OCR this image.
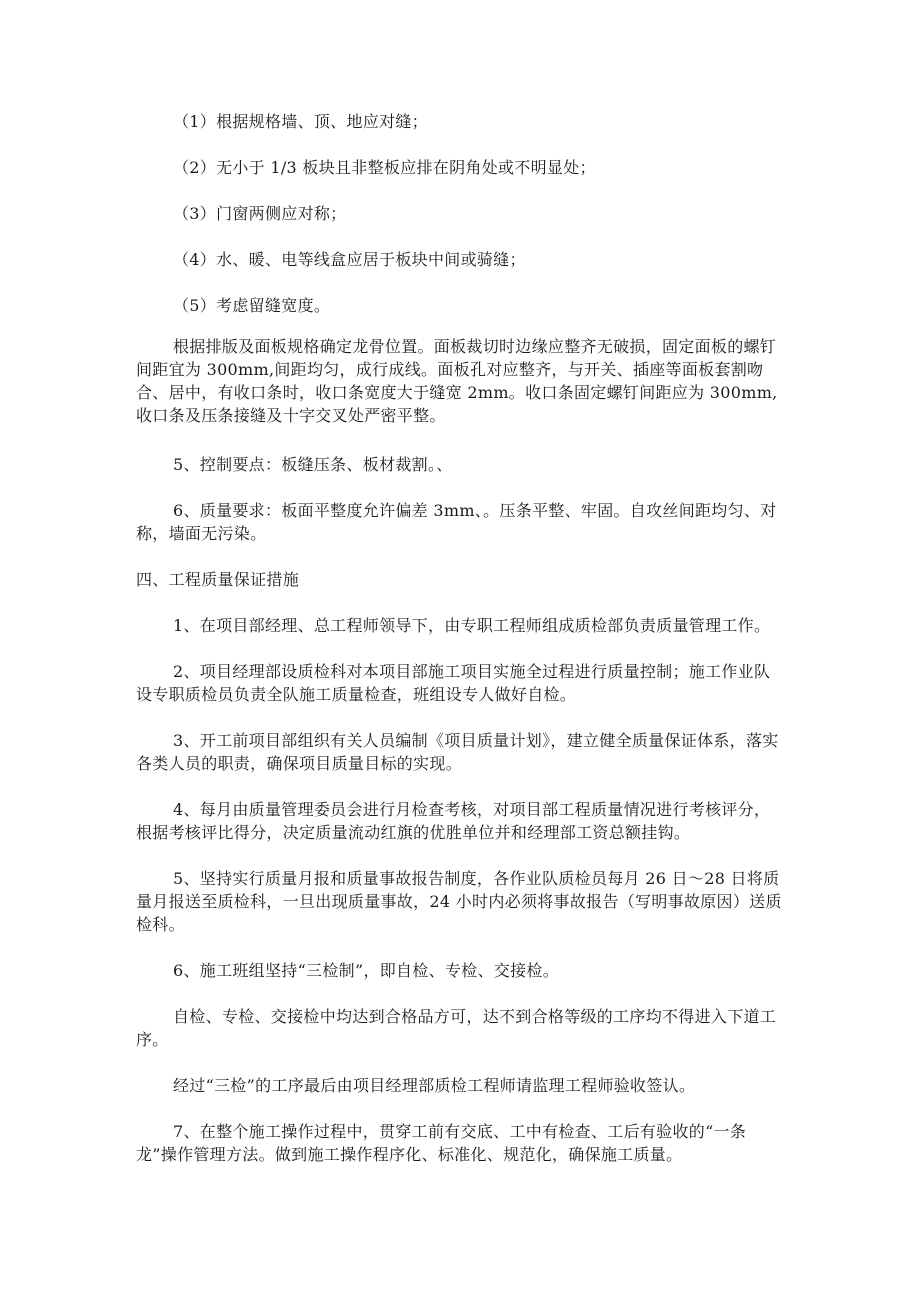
（1）根据规格墙、顶、地应对缝；

（2）无小于 1/3 板块且非整板应排在阴角处或不明显处；

（3）门窗两侧应对称；

（4）水、暖、电等线盒应居于板块中间或骑缝；

（5）考虑留缝宽度。

根据排版及面板规格确定龙骨位置。面板裁切时边缘应整齐无破损，固定面板的螺钉间距宜为 300mm,间距均匀，成行成线。面板孔对应整齐，与开关、插座等面板套割吻合、居中，有收口条时，收口条宽度大于缝宽 2mm。收口条固定螺钉间距应为 300mm,收口条及压条接缝及十字交叉处严密平整。

5、控制要点：板缝压条、板材裁割。、

6、质量要求：板面平整度允许偏差 3mm、。压条平整、牢固。自攻丝间距均匀、对称，墙面无污染。

四、工程质量保证措施

1、在项目部经理、总工程师领导下，由专职工程师组成质检部负责质量管理工作。

2、项目经理部设质检科对本项目部施工项目实施全过程进行质量控制；施工作业队设专职质检员负责全队施工质量检查，班组设专人做好自检。

3、开工前项目部组织有关人员编制《项目质量计划》，建立健全质量保证体系，落实各类人员的职责，确保项目质量目标的实现。

4、每月由质量管理委员会进行月检查考核，对项目部工程质量情况进行考核评分，根据考核评比得分，决定质量流动红旗的优胜单位并和经理部工资总额挂钩。

5、坚持实行质量月报和质量事故报告制度，各作业队质检员每月 26 日～28 日将质量月报送至质检科，一旦出现质量事故，24 小时内必须将事故报告（写明事故原因）送质检科。

6、施工班组坚持“三检制”，即自检、专检、交接检。

自检、专检、交接检中均达到合格品方可，达不到合格等级的工序均不得进入下道工序。

经过“三检”的工序最后由项目经理部质检工程师请监理工程师验收签认。

7、在整个施工操作过程中，贯穿工前有交底、工中有检查、工后有验收的“一条龙”操作管理方法。做到施工操作程序化、标准化、规范化，确保施工质量。
